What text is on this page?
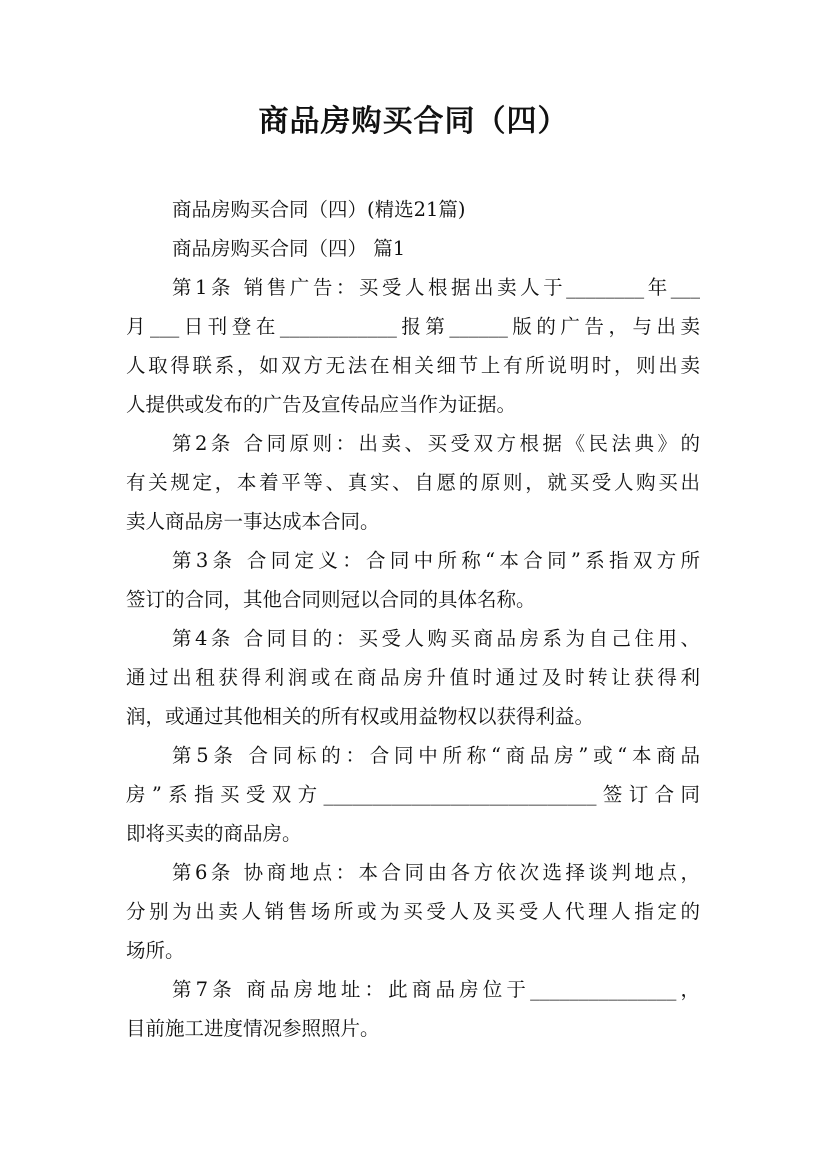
商品房购买合同（四）
商品房购买合同（四）(精选21篇)
商品房购买合同（四） 篇1
第1条 销售广告：买受人根据出卖人于________年___
月___日刊登在____________报第______版的广告，与出卖
人取得联系，如双方无法在相关细节上有所说明时，则出卖
人提供或发布的广告及宣传品应当作为证据。
第2条 合同原则：出卖、买受双方根据《民法典》的
有关规定，本着平等、真实、自愿的原则，就买受人购买出
卖人商品房一事达成本合同。
第3条 合同定义：合同中所称“本合同”系指双方所
签订的合同，其他合同则冠以合同的具体名称。
第4条 合同目的：买受人购买商品房系为自己住用、
通过出租获得利润或在商品房升值时通过及时转让获得利
润，或通过其他相关的所有权或用益物权以获得利益。
第5条 合同标的：合同中所称“商品房”或“本商品
房”系指买受双方____________________________签订合同
即将买卖的商品房。
第6条 协商地点：本合同由各方依次选择谈判地点，
分别为出卖人销售场所或为买受人及买受人代理人指定的
场所。
第7条 商品房地址：此商品房位于_______________，
目前施工进度情况参照照片。
